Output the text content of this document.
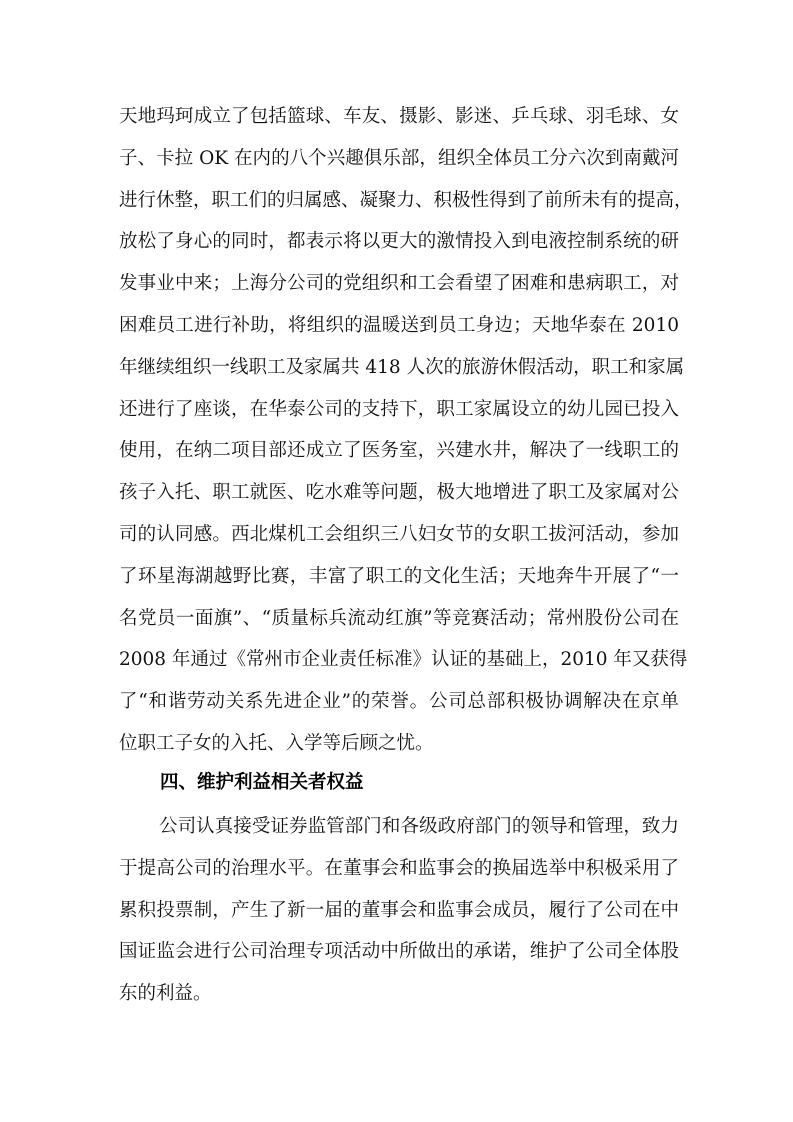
天地玛珂成立了包括篮球、车友、摄影、影迷、乒乓球、羽毛球、女
子、卡拉 OK 在内的八个兴趣俱乐部，组织全体员工分六次到南戴河
进行休整，职工们的归属感、凝聚力、积极性得到了前所未有的提高，
放松了身心的同时，都表示将以更大的激情投入到电液控制系统的研
发事业中来；上海分公司的党组织和工会看望了困难和患病职工，对
困难员工进行补助，将组织的温暖送到员工身边；天地华泰在 2010
年继续组织一线职工及家属共 418 人次的旅游休假活动，职工和家属
还进行了座谈，在华泰公司的支持下，职工家属设立的幼儿园已投入
使用，在纳二项目部还成立了医务室，兴建水井，解决了一线职工的
孩子入托、职工就医、吃水难等问题，极大地增进了职工及家属对公
司的认同感。西北煤机工会组织三八妇女节的女职工拔河活动，参加
了环星海湖越野比赛，丰富了职工的文化生活；天地奔牛开展了“一
名党员一面旗”、“质量标兵流动红旗”等竞赛活动；常州股份公司在
2008 年通过《常州市企业责任标准》认证的基础上，2010 年又获得
了“和谐劳动关系先进企业”的荣誉。公司总部积极协调解决在京单
位职工子女的入托、入学等后顾之忧。
四、维护利益相关者权益
公司认真接受证券监管部门和各级政府部门的领导和管理，致力
于提高公司的治理水平。在董事会和监事会的换届选举中积极采用了
累积投票制，产生了新一届的董事会和监事会成员，履行了公司在中
国证监会进行公司治理专项活动中所做出的承诺，维护了公司全体股
东的利益。
